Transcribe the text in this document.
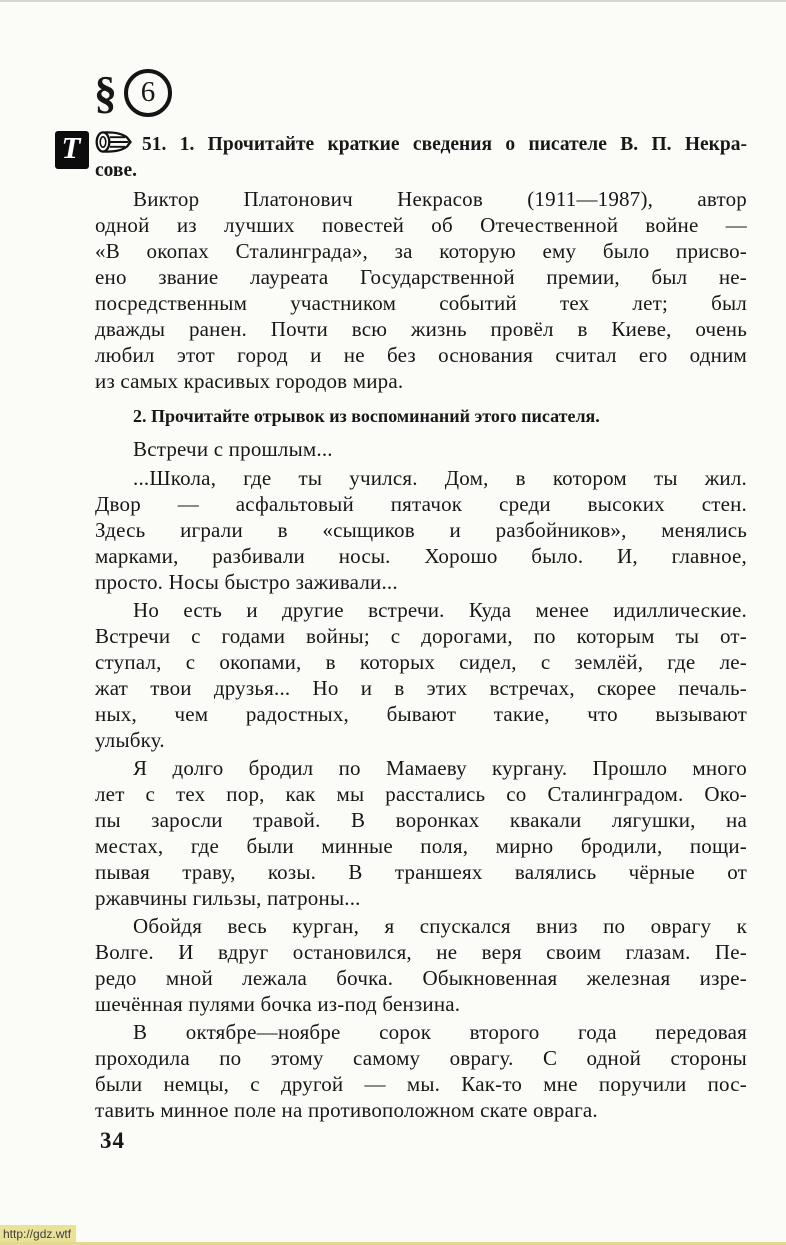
§ 6
T	51. 1. Прочитайте краткие сведения о писателе В. П. Некра-
сове.
Виктор Платонович Некрасов (1911—1987), автор
одной из лучших повестей об Отечественной войне —
«В окопах Сталинграда», за которую ему было присво-
ено звание лауреата Государственной премии, был не-
посредственным участником событий тех лет; был
дважды ранен. Почти всю жизнь провёл в Киеве, очень
любил этот город и не без основания считал его одним
из самых красивых городов мира.
2. Прочитайте отрывок из воспоминаний этого писателя.
Встречи с прошлым...
...Школа, где ты учился. Дом, в котором ты жил.
Двор — асфальтовый пятачок среди высоких стен.
Здесь играли в «сыщиков и разбойников», менялись
марками, разбивали носы. Хорошо было. И, главное,
просто. Носы быстро заживали...
Но есть и другие встречи. Куда менее идиллические.
Встречи с годами войны; с дорогами, по которым ты от-
ступал, с окопами, в которых сидел, с землёй, где ле-
жат твои друзья... Но и в этих встречах, скорее печаль-
ных, чем радостных, бывают такие, что вызывают
улыбку.
Я долго бродил по Мамаеву кургану. Прошло много
лет с тех пор, как мы расстались со Сталинградом. Око-
пы заросли травой. В воронках квакали лягушки, на
местах, где были минные поля, мирно бродили, пощи-
пывая траву, козы. В траншеях валялись чёрные от
ржавчины гильзы, патроны...
Обойдя весь курган, я спускался вниз по оврагу к
Волге. И вдруг остановился, не веря своим глазам. Пе-
редо мной лежала бочка. Обыкновенная железная изре-
шечённая пулями бочка из-под бензина.
В октябре—ноябре сорок второго года передовая
проходила по этому самому оврагу. С одной стороны
были немцы, с другой — мы. Как-то мне поручили пос-
тавить минное поле на противоположном скате оврага.
34
http://gdz.wtf
